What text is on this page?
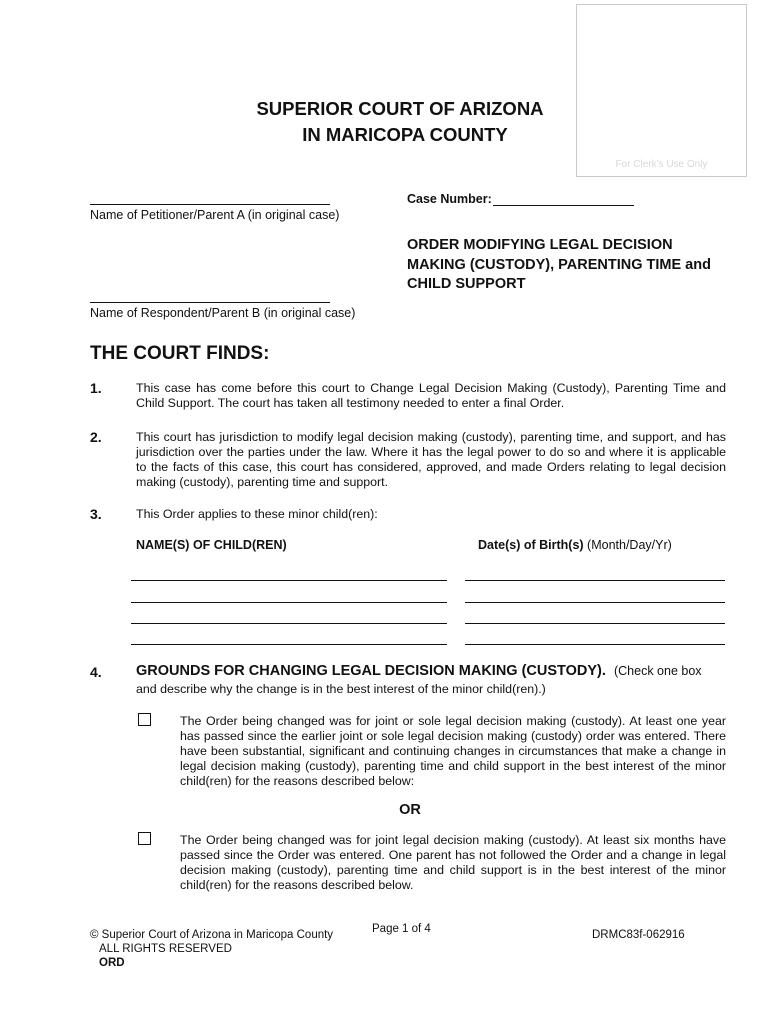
For Clerk's Use Only
SUPERIOR COURT OF ARIZONA
IN MARICOPA COUNTY
Name of Petitioner/Parent A (in original case)
Case Number:
ORDER MODIFYING LEGAL DECISION
MAKING (CUSTODY), PARENTING TIME and
CHILD SUPPORT
Name of Respondent/Parent B (in original case)
THE COURT FINDS:
1.	This case has come before this court to Change Legal Decision Making (Custody), Parenting Time and Child Support. The court has taken all testimony needed to enter a final Order.
2.	This court has jurisdiction to modify legal decision making (custody), parenting time, and support, and has jurisdiction over the parties under the law. Where it has the legal power to do so and where it is applicable to the facts of this case, this court has considered, approved, and made Orders relating to legal decision making (custody), parenting time and support.
3.	This Order applies to these minor child(ren):
NAME(S) OF CHILD(REN)	Date(s) of Birth(s) (Month/Day/Yr)
4. GROUNDS FOR CHANGING LEGAL DECISION MAKING (CUSTODY). (Check one box
and describe why the change is in the best interest of the minor child(ren).)
The Order being changed was for joint or sole legal decision making (custody). At least one year has passed since the earlier joint or sole legal decision making (custody) order was entered. There have been substantial, significant and continuing changes in circumstances that make a change in legal decision making (custody), parenting time and child support in the best interest of the minor child(ren) for the reasons described below:
OR
The Order being changed was for joint legal decision making (custody). At least six months have passed since the Order was entered. One parent has not followed the Order and a change in legal decision making (custody), parenting time and child support is in the best interest of the minor child(ren) for the reasons described below.
© Superior Court of Arizona in Maricopa County
ALL RIGHTS RESERVED
ORD
Page 1 of 4	DRMC83f-062916
